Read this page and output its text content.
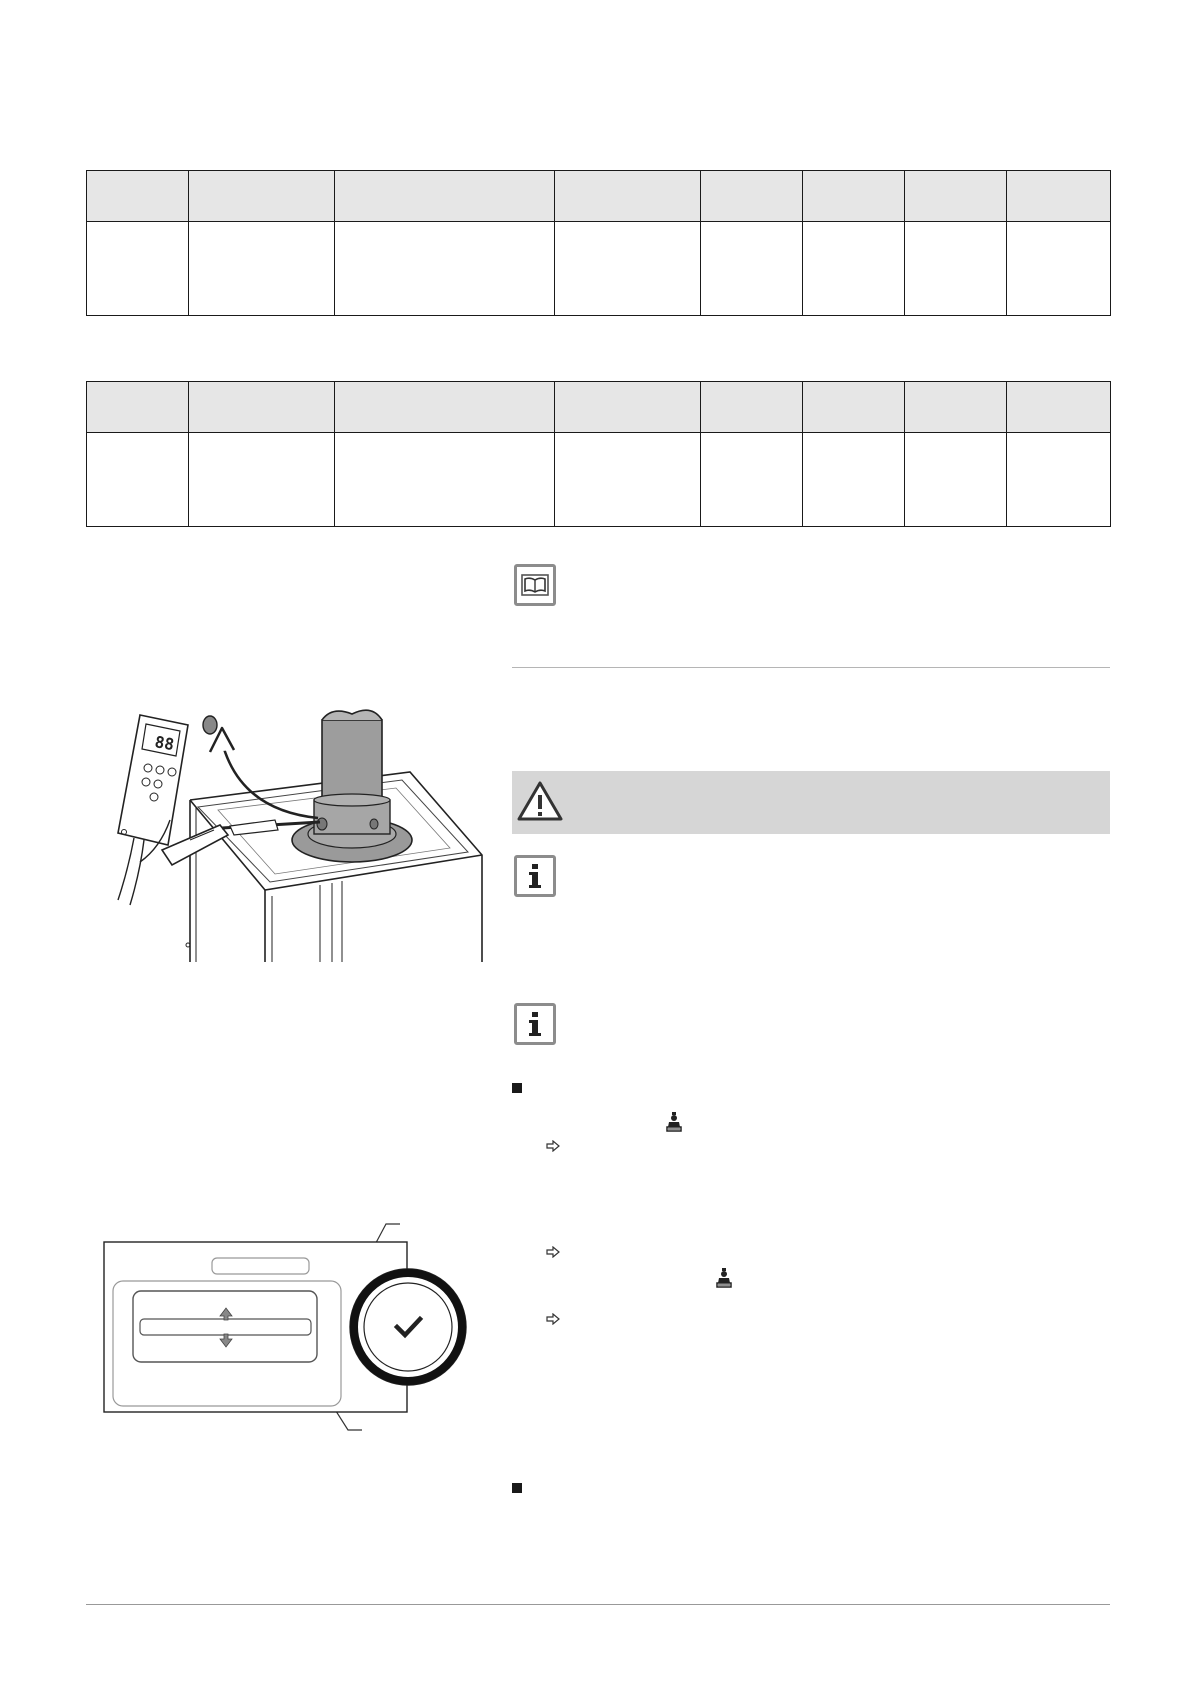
88
